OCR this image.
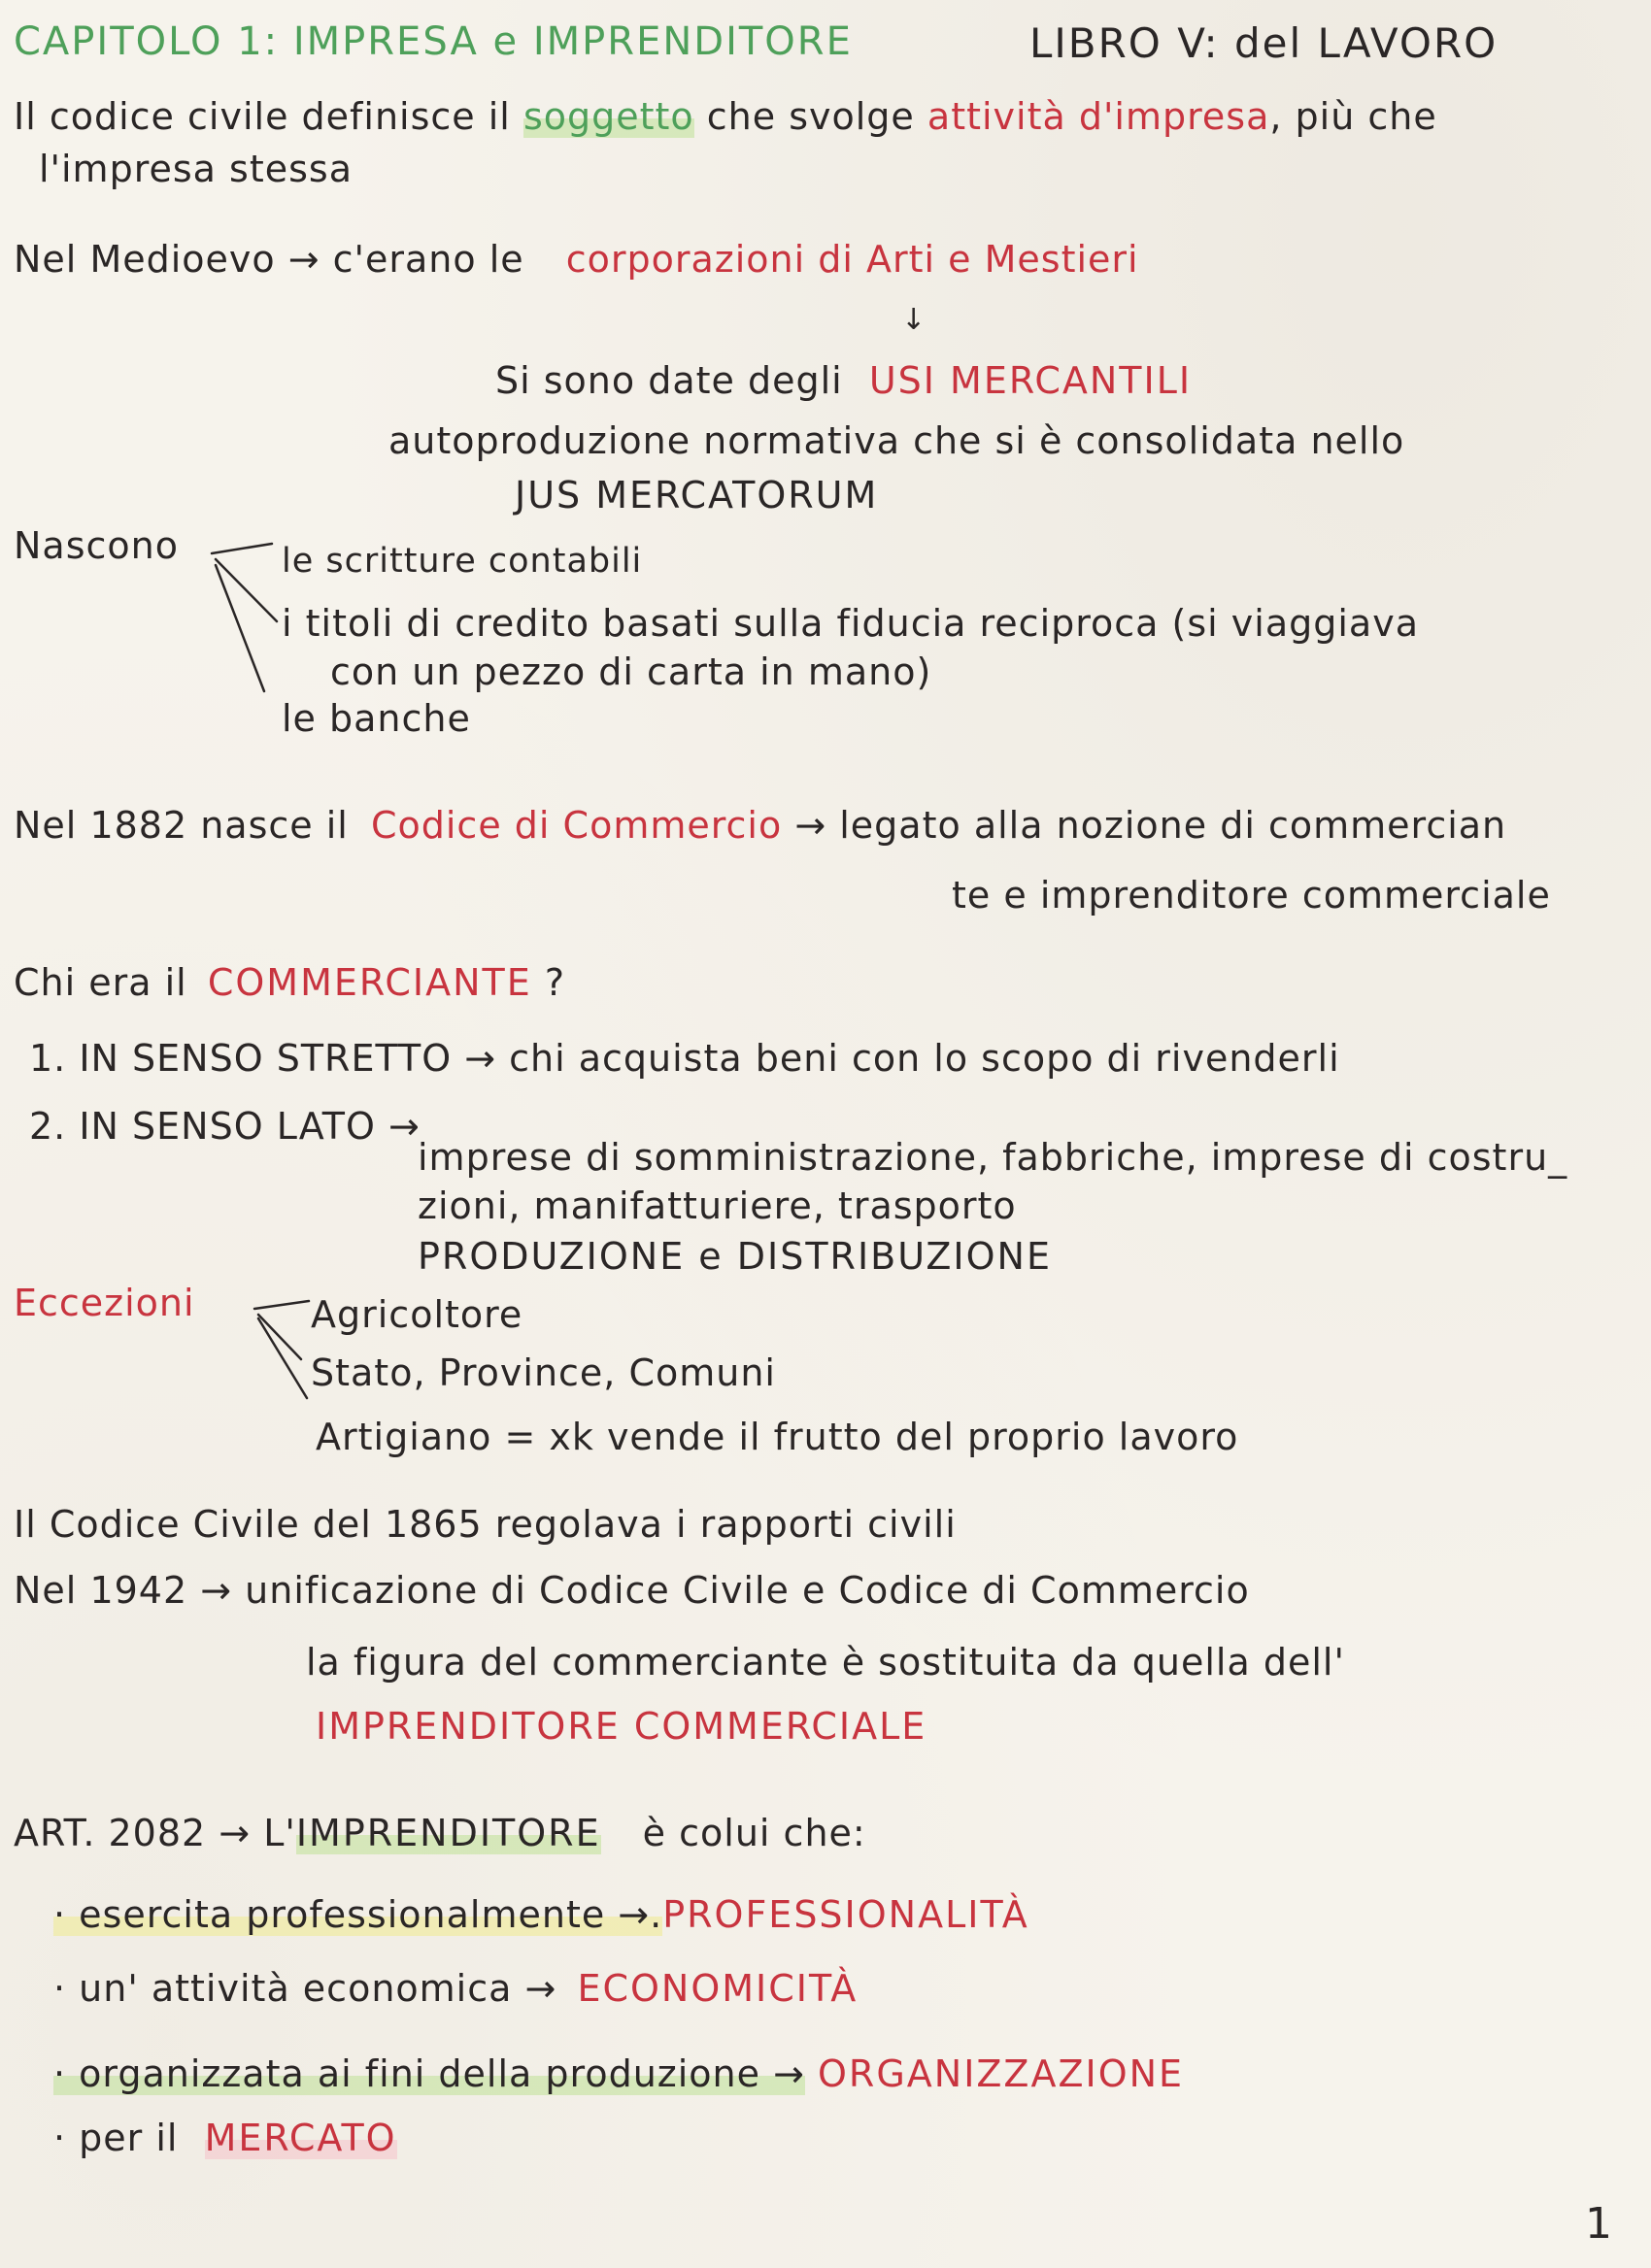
CAPITOLO 1: IMPRESA e IMPRENDITORE	LIBRO V: del LAVORO
Il codice civile definisce il soggetto che svolge attività d'impresa, più che
l'impresa stessa
Nel Medioevo → c'erano le corporazioni di Arti e Mestieri
↓
Si sono date degli USI MERCANTILI
autoproduzione normativa che si è consolidata nello
JUS MERCATORUM
Nascono	le scritture contabili
i titoli di credito basati sulla fiducia reciproca (si viaggiava
con un pezzo di carta in mano)
le banche
Nel 1882 nasce il Codice di Commercio → legato alla nozione di commercian
te e imprenditore commerciale
Chi era il COMMERCIANTE ?
1. IN SENSO STRETTO → chi acquista beni con lo scopo di rivenderli
2. IN SENSO LATO →
imprese di somministrazione, fabbriche, imprese di costru_
zioni, manifatturiere, trasporto
PRODUZIONE e DISTRIBUZIONE
Eccezioni	Agricoltore
Stato, Province, Comuni
Artigiano = xk vende il frutto del proprio lavoro
Il Codice Civile del 1865 regolava i rapporti civili
Nel 1942 → unificazione di Codice Civile e Codice di Commercio
la figura del commerciante è sostituita da quella dell'
IMPRENDITORE COMMERCIALE
ART. 2082 → L'IMPRENDITORE è colui che:
· esercita professionalmente →.PROFESSIONALITÀ
· un' attività economica → ECONOMICITÀ
· organizzata ai fini della produzione → ORGANIZZAZIONE
· per il MERCATO
1
